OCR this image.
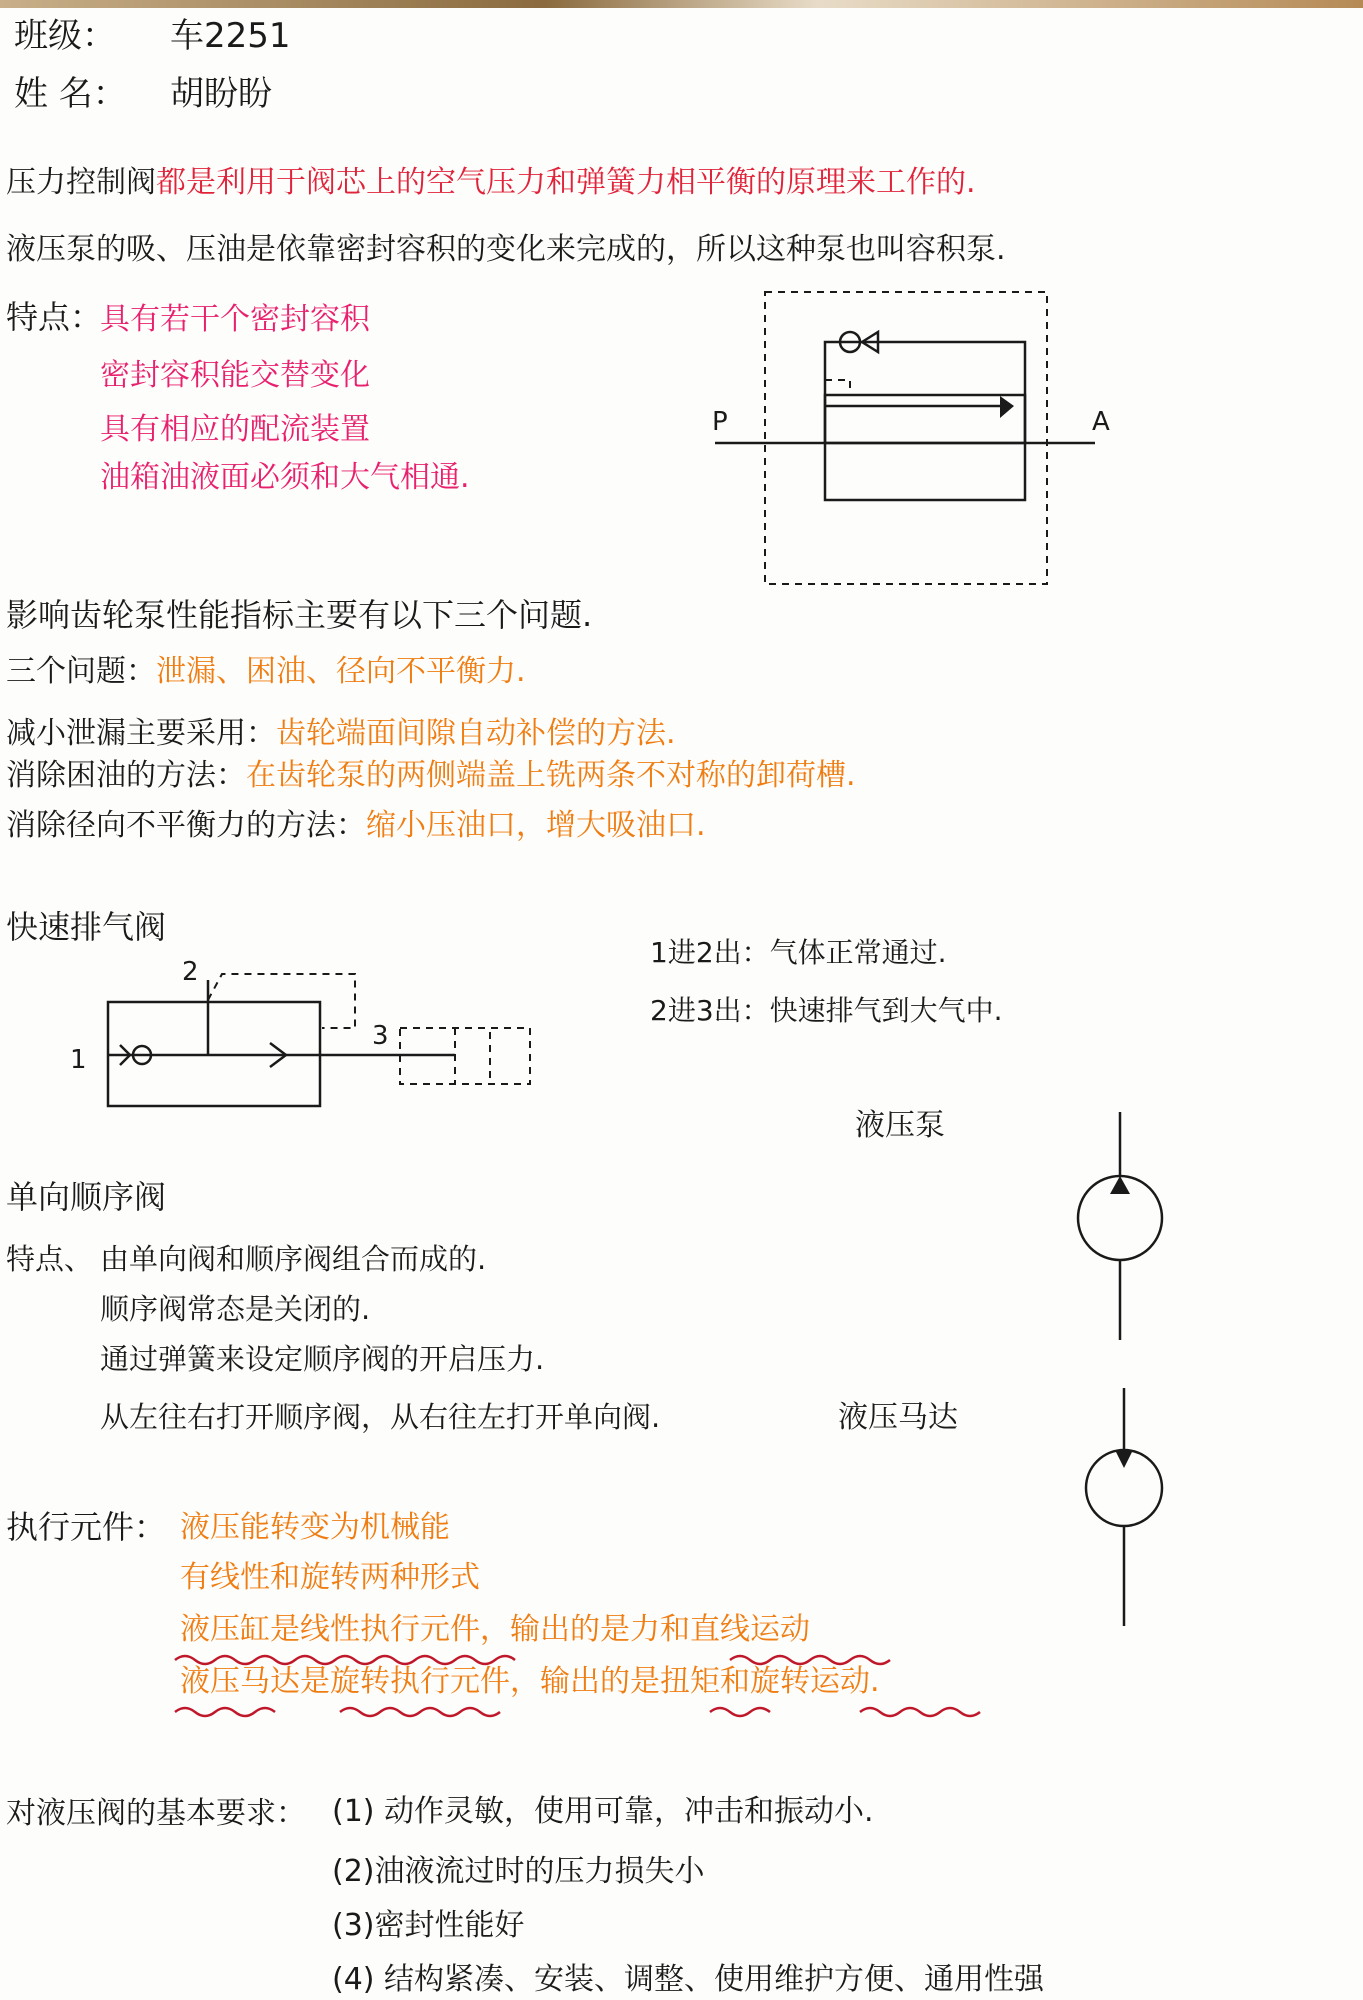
班级： 车2251
姓 名： 胡盼盼
压力控制阀都是利用于阀芯上的空气压力和弹簧力相平衡的原理来工作的.
液压泵的吸、压油是依靠密封容积的变化来完成的，所以这种泵也叫容积泵.
特点：
具有若干个密封容积
密封容积能交替变化
具有相应的配流装置
油箱油液面必须和大气相通.
P	A
影响齿轮泵性能指标主要有以下三个问题.
三个问题：泄漏、困油、径向不平衡力.
减小泄漏主要采用：齿轮端面间隙自动补偿的方法.
消除困油的方法：在齿轮泵的两侧端盖上铣两条不对称的卸荷槽.
消除径向不平衡力的方法：缩小压油口，增大吸油口.
快速排气阀
1
2
3
1进2出：气体正常通过.
2进3出：快速排气到大气中.
液压泵
单向顺序阀
特点、 由单向阀和顺序阀组合而成的.
顺序阀常态是关闭的.
通过弹簧来设定顺序阀的开启压力.
从左往右打开顺序阀，从右往左打开单向阀.	液压马达
执行元件： 液压能转变为机械能
有线性和旋转两种形式
液压缸是线性执行元件，输出的是力和直线运动
液压马达是旋转执行元件，输出的是扭矩和旋转运动.
对液压阀的基本要求： (1) 动作灵敏，使用可靠，冲击和振动小.
(2)油液流过时的压力损失小
(3)密封性能好
(4) 结构紧凑、安装、调整、使用维护方便、通用性强
